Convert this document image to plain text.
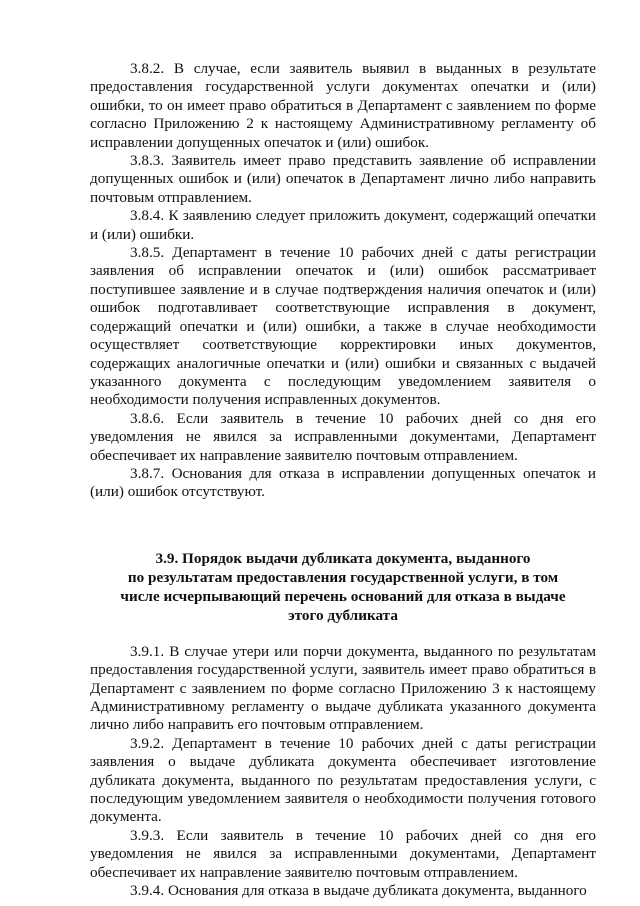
3.8.2. В случае, если заявитель выявил в выданных в результате предоставления государственной услуги документах опечатки и (или) ошибки, то он имеет право обратиться в Департамент с заявлением по форме согласно Приложению 2 к настоящему Административному регламенту об исправлении допущенных опечаток и (или) ошибок.

3.8.3. Заявитель имеет право представить заявление об исправлении допущенных ошибок и (или) опечаток в Департамент лично либо направить почтовым отправлением.

3.8.4. К заявлению следует приложить документ, содержащий опечатки и (или) ошибки.

3.8.5. Департамент в течение 10 рабочих дней с даты регистрации заявления об исправлении опечаток и (или) ошибок рассматривает поступившее заявление и в случае подтверждения наличия опечаток и (или) ошибок подготавливает соответствующие исправления в документ, содержащий опечатки и (или) ошибки, а также в случае необходимости осуществляет соответствующие корректировки иных документов, содержащих аналогичные опечатки и (или) ошибки и связанных с выдачей указанного документа с последующим уведомлением заявителя о необходимости получения исправленных документов.

3.8.6. Если заявитель в течение 10 рабочих дней со дня его уведомления не явился за исправленными документами, Департамент обеспечивает их направление заявителю почтовым отправлением.

3.8.7. Основания для отказа в исправлении допущенных опечаток и (или) ошибок отсутствуют.

3.9. Порядок выдачи дубликата документа, выданного
по результатам предоставления государственной услуги, в том
числе исчерпывающий перечень оснований для отказа в выдаче
этого дубликата

3.9.1. В случае утери или порчи документа, выданного по результатам предоставления государственной услуги, заявитель имеет право обратиться в Департамент с заявлением по форме согласно Приложению 3 к настоящему Административному регламенту о выдаче дубликата указанного документа лично либо направить его почтовым отправлением.

3.9.2. Департамент в течение 10 рабочих дней с даты регистрации заявления о выдаче дубликата документа обеспечивает изготовление дубликата документа, выданного по результатам предоставления услуги, с последующим уведомлением заявителя о необходимости получения готового документа.

3.9.3. Если заявитель в течение 10 рабочих дней со дня его уведомления не явился за исправленными документами, Департамент обеспечивает их направление заявителю почтовым отправлением.

3.9.4. Основания для отказа в выдаче дубликата документа, выданного
